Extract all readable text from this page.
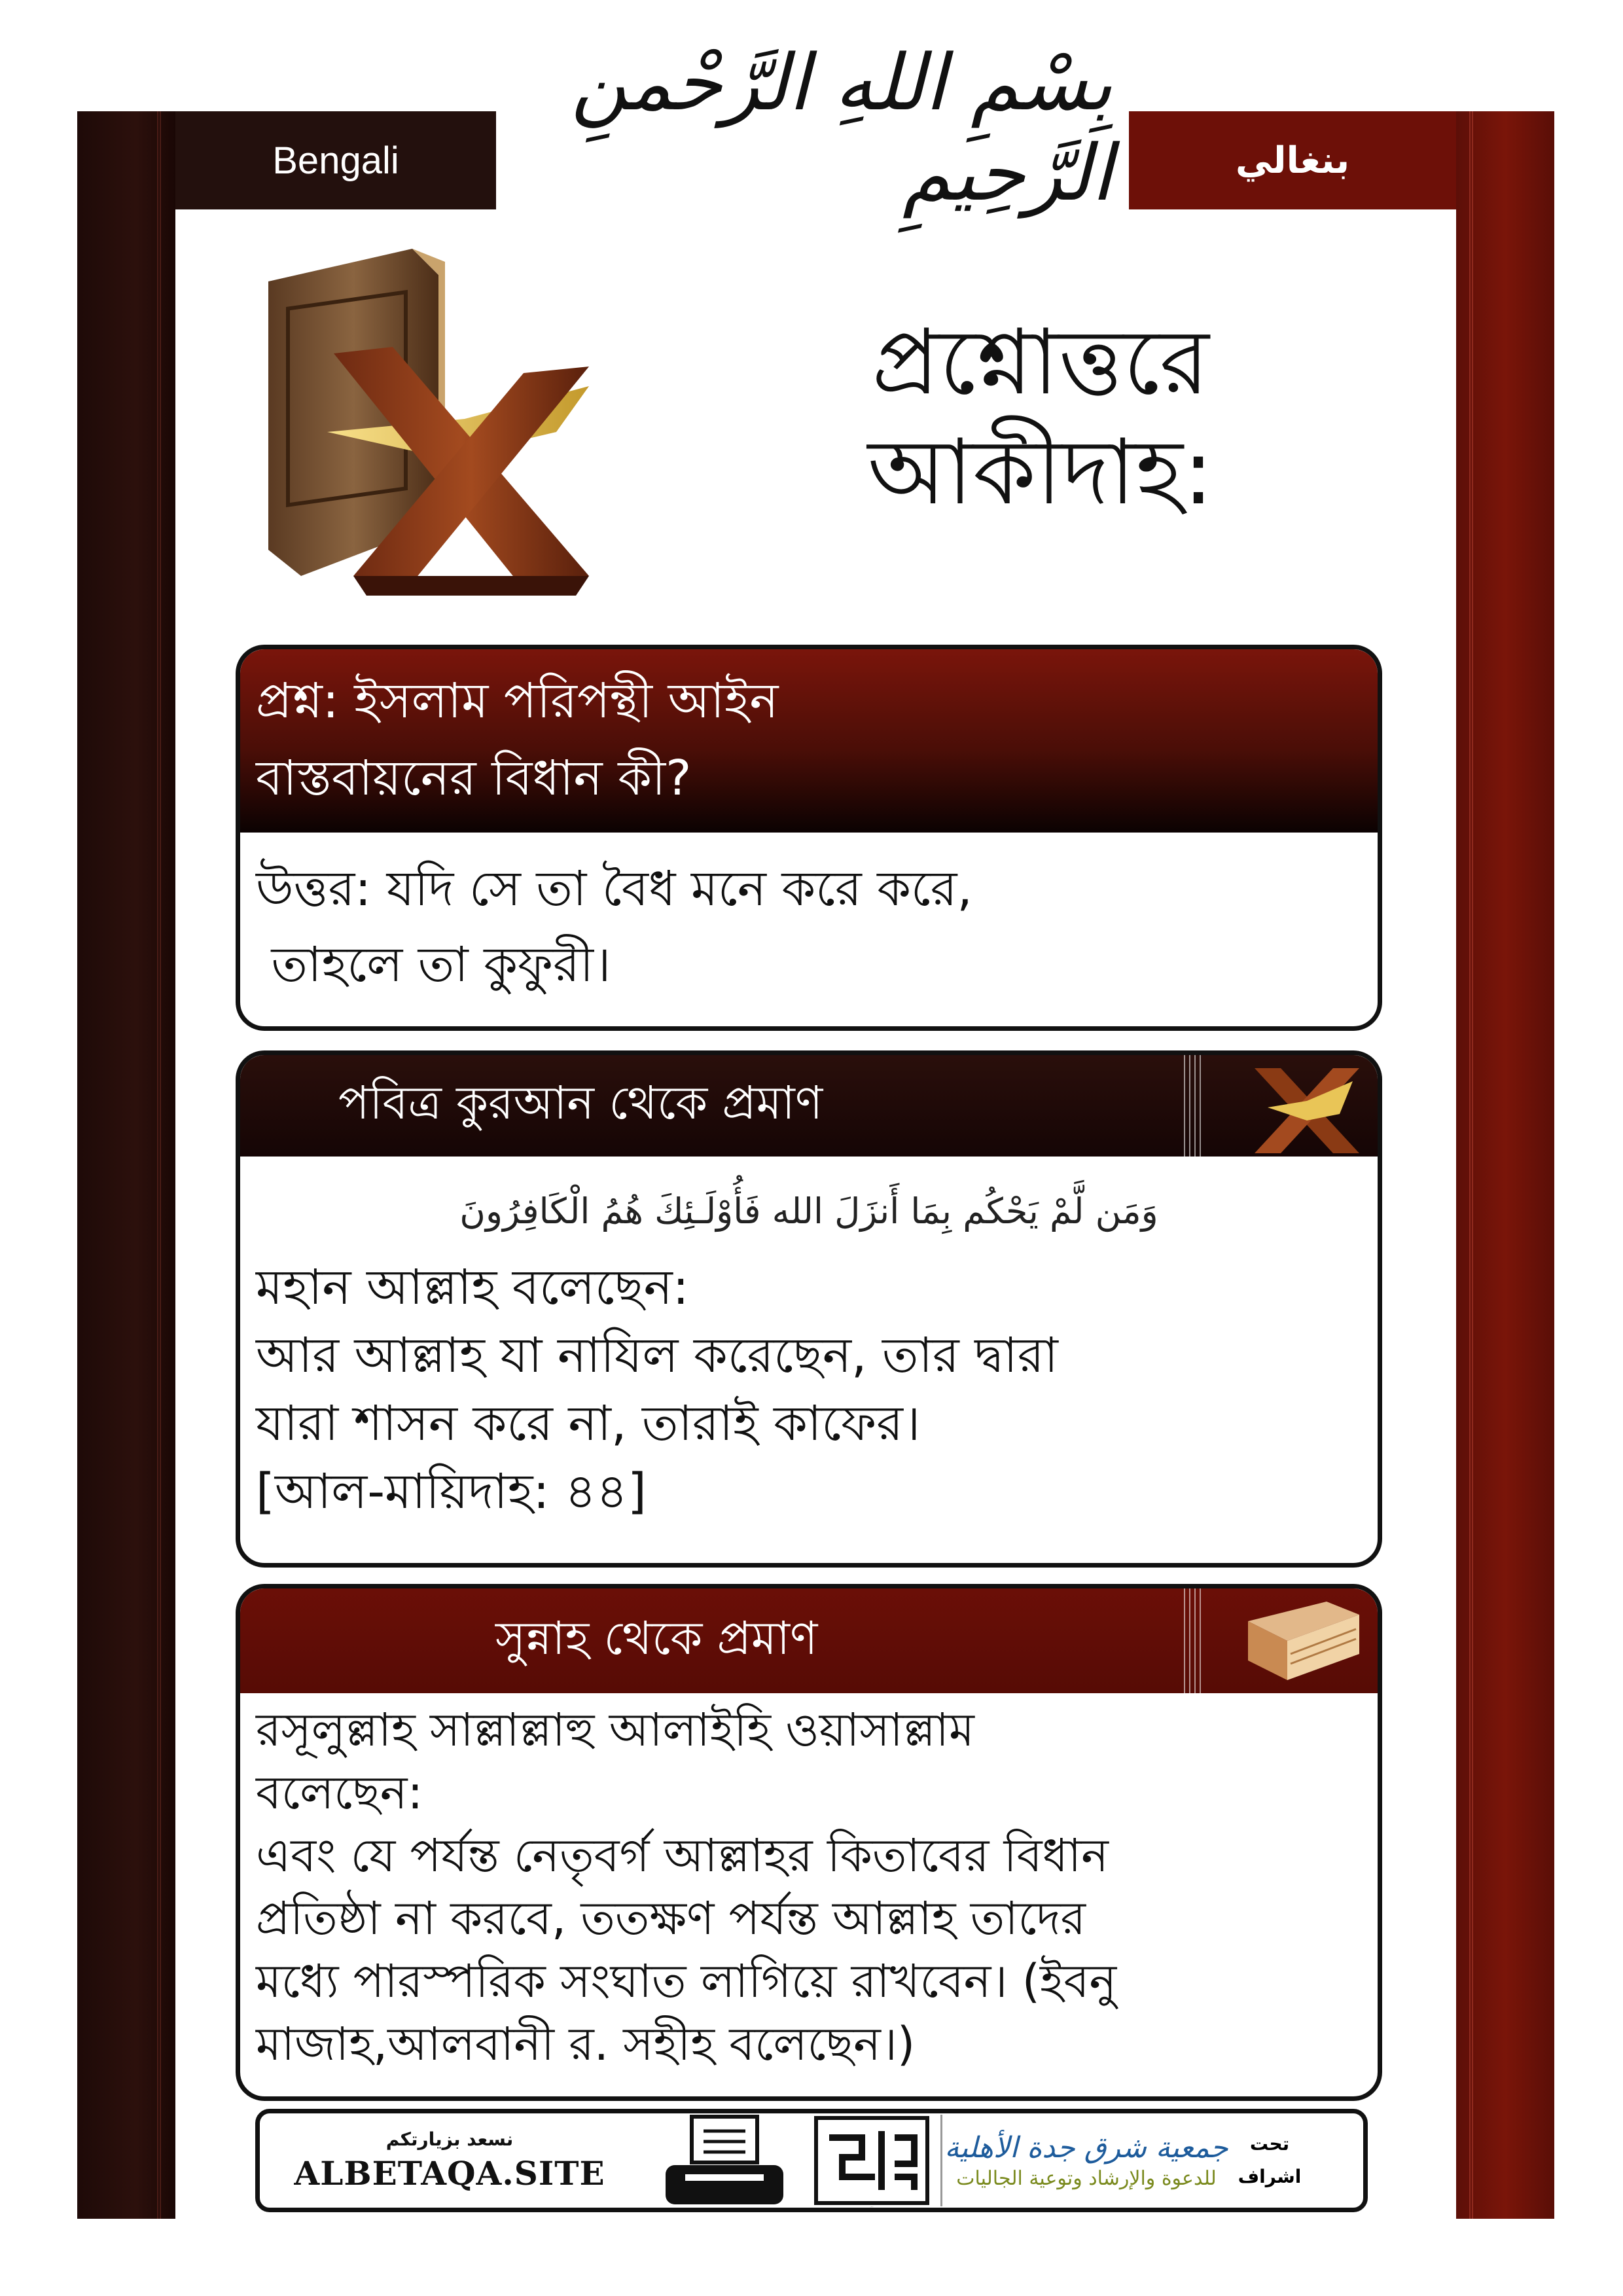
Bengali	بنغالي
بِسْمِ اللهِ الرَّحْمنِ الرَّحِيمِ
প্রশ্নোত্তরে
আকীদাহ:
প্রশ্ন: ইসলাম পরিপন্থী আইন
বাস্তবায়নের বিধান কী?
উত্তর: যদি সে তা বৈধ মনে করে করে,
তাহলে তা কুফুরী।
পবিত্র কুরআন থেকে প্রমাণ
وَمَن لَّمْ يَحْكُم بِمَا أَنزَلَ الله فَأُوْلَـئِكَ هُمُ الْكَافِرُونَ
মহান আল্লাহ বলেছেন:
আর আল্লাহ যা নাযিল করেছেন, তার দ্বারা
যারা শাসন করে না, তারাই কাফের।
[আল-মায়িদাহ: ৪৪]
সুন্নাহ থেকে প্রমাণ
রসূলুল্লাহ সাল্লাল্লাহু আলাইহি ওয়াসাল্লাম
বলেছেন:
এবং যে পর্যন্ত নেতৃবর্গ আল্লাহর কিতাবের বিধান
প্রতিষ্ঠা না করবে, ততক্ষণ পর্যন্ত আল্লাহ তাদের
মধ্যে পারস্পরিক সংঘাত লাগিয়ে রাখবেন। (ইবনু
মাজাহ,আলবানী র. সহীহ বলেছেন।)
نسعد بزيارتكم
ALBETAQA.SITE
دعوة الورقة
جمعية شرق جدة الأهلية
للدعوة والإرشاد وتوعية الجاليات
تحت
اشراف
